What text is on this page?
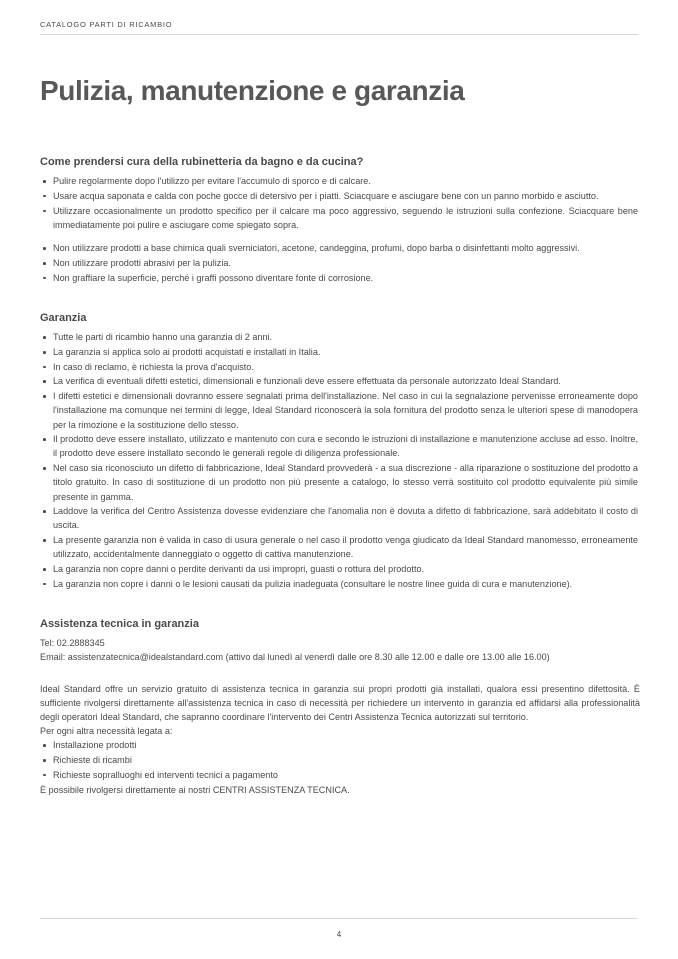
CATALOGO PARTI DI RICAMBIO
Pulizia, manutenzione e garanzia
Come prendersi cura della rubinetteria da bagno e da cucina?
Pulire regolarmente dopo l'utilizzo per evitare l'accumulo di sporco e di calcare.
Usare acqua saponata e calda con poche gocce di detersivo per i piatti. Sciacquare e asciugare bene con un panno morbido e asciutto.
Utilizzare occasionalmente un prodotto specifico per il calcare ma poco aggressivo, seguendo le istruzioni sulla confezione. Sciacquare bene immediatamente poi pulire e asciugare come spiegato sopra.
Non utilizzare prodotti a base chimica quali sverniciatori, acetone, candeggina, profumi, dopo barba o disinfettanti molto aggressivi.
Non utilizzare prodotti abrasivi per la pulizia.
Non graffiare la superficie, perché i graffi possono diventare fonte di corrosione.
Garanzia
Tutte le parti di ricambio hanno una garanzia di 2 anni.
La garanzia si applica solo ai prodotti acquistati e installati in Italia.
In caso di reclamo, è richiesta la prova d'acquisto.
La verifica di eventuali difetti estetici, dimensionali e funzionali deve essere effettuata da personale autorizzato Ideal Standard.
I difetti estetici e dimensionali dovranno essere segnalati prima dell'installazione. Nel caso in cui la segnalazione pervenisse erroneamente dopo l'installazione ma comunque nei termini di legge, Ideal Standard riconoscerà la sola fornitura del prodotto senza le ulteriori spese di manodopera per la rimozione e la sostituzione dello stesso.
Il prodotto deve essere installato, utilizzato e mantenuto con cura e secondo le istruzioni di installazione e manutenzione accluse ad esso. Inoltre, il prodotto deve essere installato secondo le generali regole di diligenza professionale.
Nel caso sia riconosciuto un difetto di fabbricazione, Ideal Standard provvederà - a sua discrezione - alla riparazione o sostituzione del prodotto a titolo gratuito. In caso di sostituzione di un prodotto non più presente a catalogo, lo stesso verrà sostituito col prodotto equivalente più simile presente in gamma.
Laddove la verifica del Centro Assistenza dovesse evidenziare che l'anomalia non è dovuta a difetto di fabbricazione, sarà addebitato il costo di uscita.
La presente garanzia non è valida in caso di usura generale o nel caso il prodotto venga giudicato da Ideal Standard manomesso, erroneamente utilizzato, accidentalmente danneggiato o oggetto di cattiva manutenzione.
La garanzia non copre danni o perdite derivanti da usi impropri, guasti o rottura del prodotto.
La garanzia non copre i danni o le lesioni causati da pulizia inadeguata (consultare le nostre linee guida di cura e manutenzione).
Assistenza tecnica in garanzia

Tel: 02.2888345

Email: assistenzatecnica@idealstandard.com (attivo dal lunedì al venerdì dalle ore 8.30 alle 12.00 e dalle ore 13.00 alle 16.00)

Ideal Standard offre un servizio gratuito di assistenza tecnica in garanzia sui propri prodotti già installati, qualora essi presentino difettosità. È sufficiente rivolgersi direttamente all'assistenza tecnica in caso di necessità per richiedere un intervento in garanzia ed affidarsi alla professionalità degli operatori Ideal Standard, che sapranno coordinare l'intervento dei Centri Assistenza Tecnica autorizzati sul territorio.

Per ogni altra necessità legata a:

Installazione prodotti
Richieste di ricambi
Richieste sopralluoghi ed interventi tecnici a pagamento

È possibile rivolgersi direttamente ai nostri CENTRI ASSISTENZA TECNICA.

4
